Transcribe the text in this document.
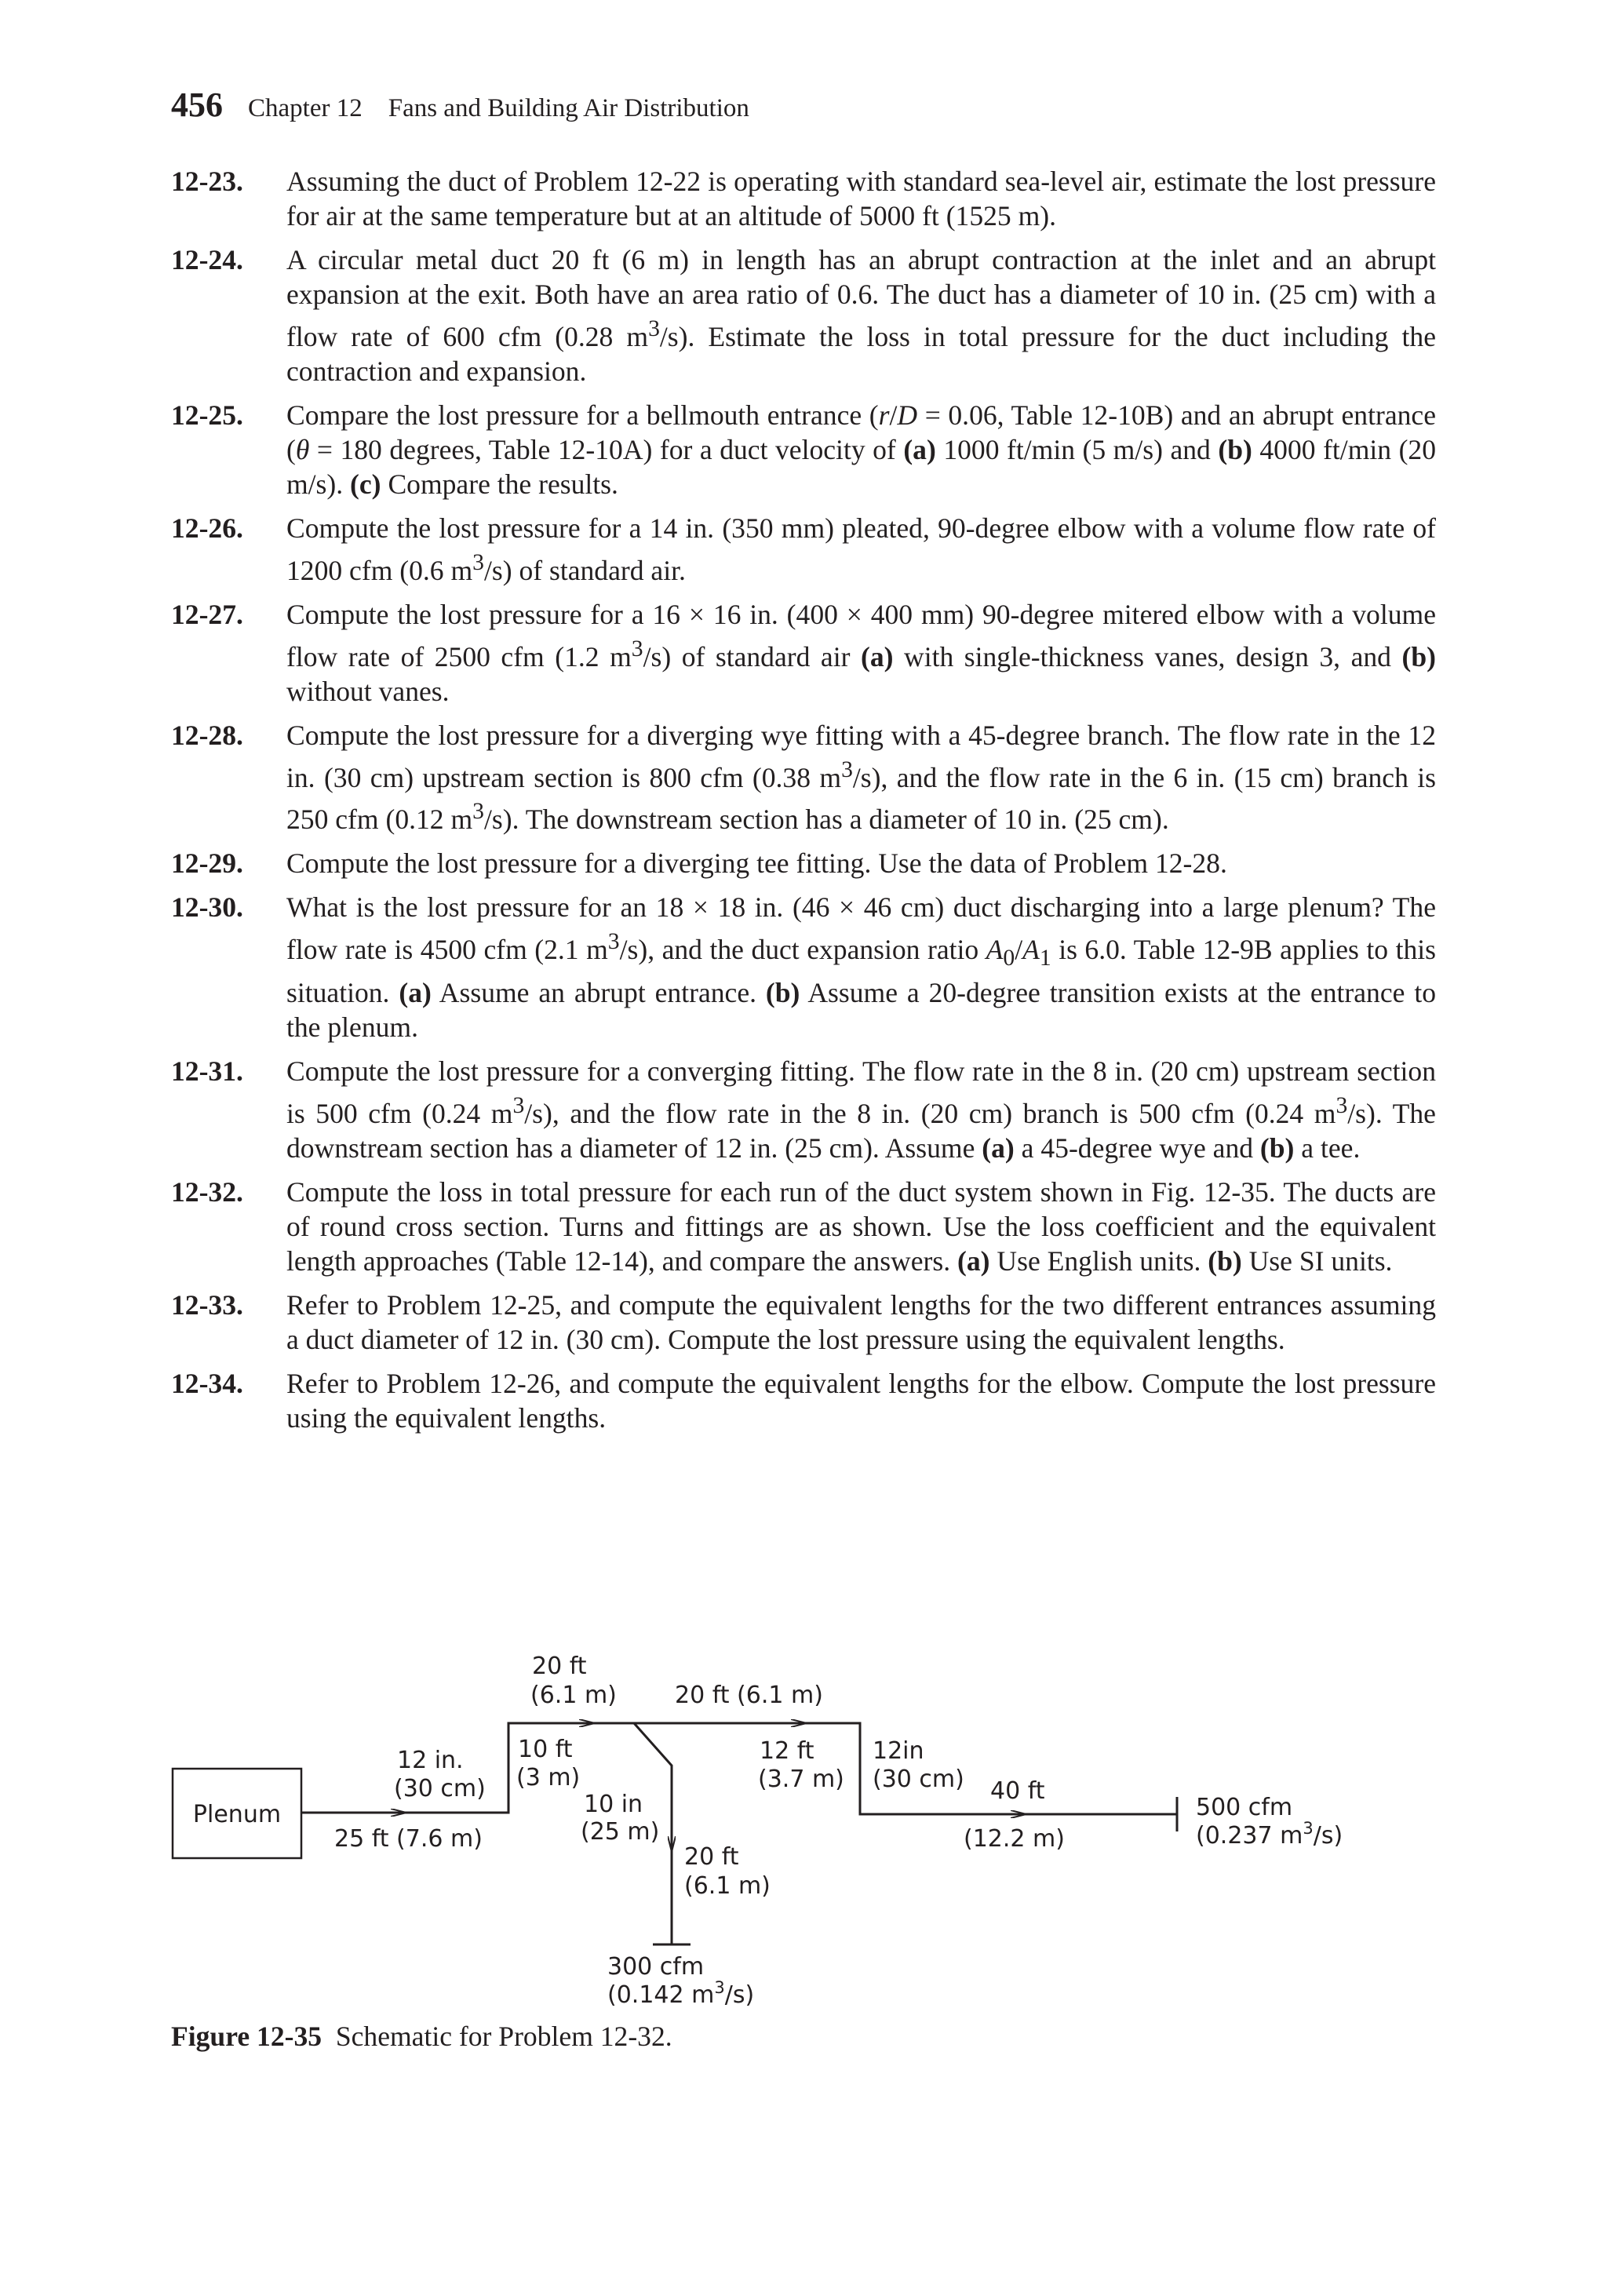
456 Chapter 12 Fans and Building Air Distribution
12-23. Assuming the duct of Problem 12-22 is operating with standard sea-level air, estimate the lost pressure for air at the same temperature but at an altitude of 5000 ft (1525 m).
12-24. A circular metal duct 20 ft (6 m) in length has an abrupt contraction at the inlet and an abrupt expansion at the exit. Both have an area ratio of 0.6. The duct has a diameter of 10 in. (25 cm) with a flow rate of 600 cfm (0.28 $m^3/s$). Estimate the loss in total pressure for the duct including the contraction and expansion.
12-25. Compare the lost pressure for a bellmouth entrance (r/D = 0.06, Table 12-10B) and an abrupt entrance (θ = 180 degrees, Table 12-10A) for a duct velocity of (a) 1000 ft/min (5 m/s) and (b) 4000 ft/min (20 m/s). (c) Compare the results.
12-26. Compute the lost pressure for a 14 in. (350 mm) pleated, 90-degree elbow with a volume flow rate of 1200 cfm (0.6 $m^3/s$) of standard air.
12-27. Compute the lost pressure for a 16 × 16 in. (400 × 400 mm) 90-degree mitered elbow with a volume flow rate of 2500 cfm (1.2 $m^3/s$) of standard air (a) with single-thickness vanes, design 3, and (b) without vanes.
12-28. Compute the lost pressure for a diverging wye fitting with a 45-degree branch. The flow rate in the 12 in. (30 cm) upstream section is 800 cfm (0.38 $m^3/s$), and the flow rate in the 6 in. (15 cm) branch is 250 cfm (0.12 $m^3/s$). The downstream section has a diameter of 10 in. (25 cm).
12-29. Compute the lost pressure for a diverging tee fitting. Use the data of Problem 12-28.
12-30. What is the lost pressure for an 18 × 18 in. (46 × 46 cm) duct discharging into a large plenum? The flow rate is 4500 cfm (2.1 $m^3/s$), and the duct expansion ratio $A_0/A_1$ is 6.0. Table 12-9B applies to this situation. (a) Assume an abrupt entrance. (b) Assume a 20-degree transition exists at the entrance to the plenum.
12-31. Compute the lost pressure for a converging fitting. The flow rate in the 8 in. (20 cm) upstream section is 500 cfm (0.24 $m^3/s$), and the flow rate in the 8 in. (20 cm) branch is 500 cfm (0.24 $m^3/s$). The downstream section has a diameter of 12 in. (25 cm). Assume (a) a 45-degree wye and (b) a tee.
12-32. Compute the loss in total pressure for each run of the duct system shown in Fig. 12-35. The ducts are of round cross section. Turns and fittings are as shown. Use the loss coefficient and the equivalent length approaches (Table 12-14), and compare the answers. (a) Use English units. (b) Use SI units.
12-33. Refer to Problem 12-25, and compute the equivalent lengths for the two different entrances assuming a duct diameter of 12 in. (30 cm). Compute the lost pressure using the equivalent lengths.
12-34. Refer to Problem 12-26, and compute the equivalent lengths for the elbow. Compute the lost pressure using the equivalent lengths.
Plenum
12 in.
(30 cm)
25 ft (7.6 m)
10 ft
(3 m)
20 ft
(6.1 m) 20 ft (6.1 m)
10 in
(25 m)
20 ft
(6.1 m)
300 cfm
(0.142 $m^3/s$)
12 ft
(3.7 m)
12in
(30 cm) 40 ft
(12.2 m)
500 cfm
(0.237 $m^3/s$)
Figure 12-35 Schematic for Problem 12-32.
